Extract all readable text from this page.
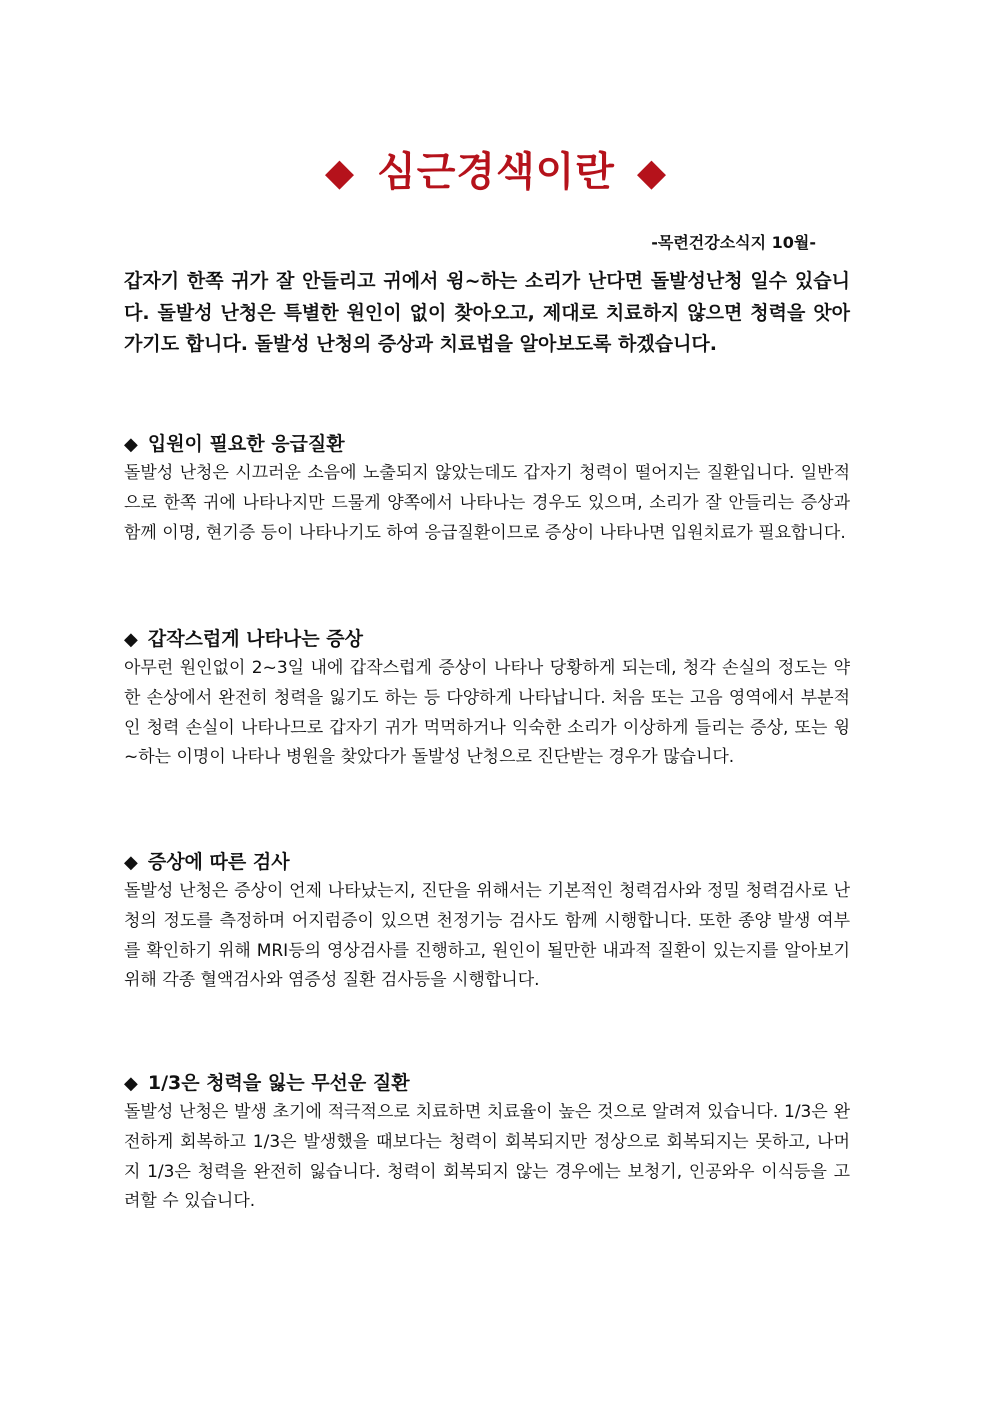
◆ 심근경색이란 ◆
-목련건강소식지 10월-

갑자기 한쪽 귀가 잘 안들리고 귀에서 윙~하는 소리가 난다면 돌발성난청 일수 있습니다. 돌발성 난청은 특별한 원인이 없이 찾아오고, 제대로 치료하지 않으면 청력을 앗아가기도 합니다. 돌발성 난청의 증상과 치료법을 알아보도록 하겠습니다.

◆ 입원이 필요한 응급질환

돌발성 난청은 시끄러운 소음에 노출되지 않았는데도 갑자기 청력이 떨어지는 질환입니다. 일반적으로 한쪽 귀에 나타나지만 드물게 양쪽에서 나타나는 경우도 있으며, 소리가 잘 안들리는 증상과 함께 이명, 현기증 등이 나타나기도 하여 응급질환이므로 증상이 나타나면 입원치료가 필요합니다.

◆ 갑작스럽게 나타나는 증상

아무런 원인없이 2~3일 내에 갑작스럽게 증상이 나타나 당황하게 되는데, 청각 손실의 정도는 약한 손상에서 완전히 청력을 잃기도 하는 등 다양하게 나타납니다. 처음 또는 고음 영역에서 부분적인 청력 손실이 나타나므로 갑자기 귀가 먹먹하거나 익숙한 소리가 이상하게 들리는 증상, 또는 윙~하는 이명이 나타나 병원을 찾았다가 돌발성 난청으로 진단받는 경우가 많습니다.

◆ 증상에 따른 검사

돌발성 난청은 증상이 언제 나타났는지, 진단을 위해서는 기본적인 청력검사와 정밀 청력검사로 난청의 정도를 측정하며 어지럼증이 있으면 천정기능 검사도 함께 시행합니다. 또한 종양 발생 여부를 확인하기 위해 MRI등의 영상검사를 진행하고, 원인이 될만한 내과적 질환이 있는지를 알아보기 위해 각종 혈액검사와 염증성 질환 검사등을 시행합니다.

◆ 1/3은 청력을 잃는 무선운 질환

돌발성 난청은 발생 초기에 적극적으로 치료하면 치료율이 높은 것으로 알려져 있습니다. 1/3은 완전하게 회복하고 1/3은 발생했을 때보다는 청력이 회복되지만 정상으로 회복되지는 못하고, 나머지 1/3은 청력을 완전히 잃습니다. 청력이 회복되지 않는 경우에는 보청기, 인공와우 이식등을 고려할 수 있습니다.
